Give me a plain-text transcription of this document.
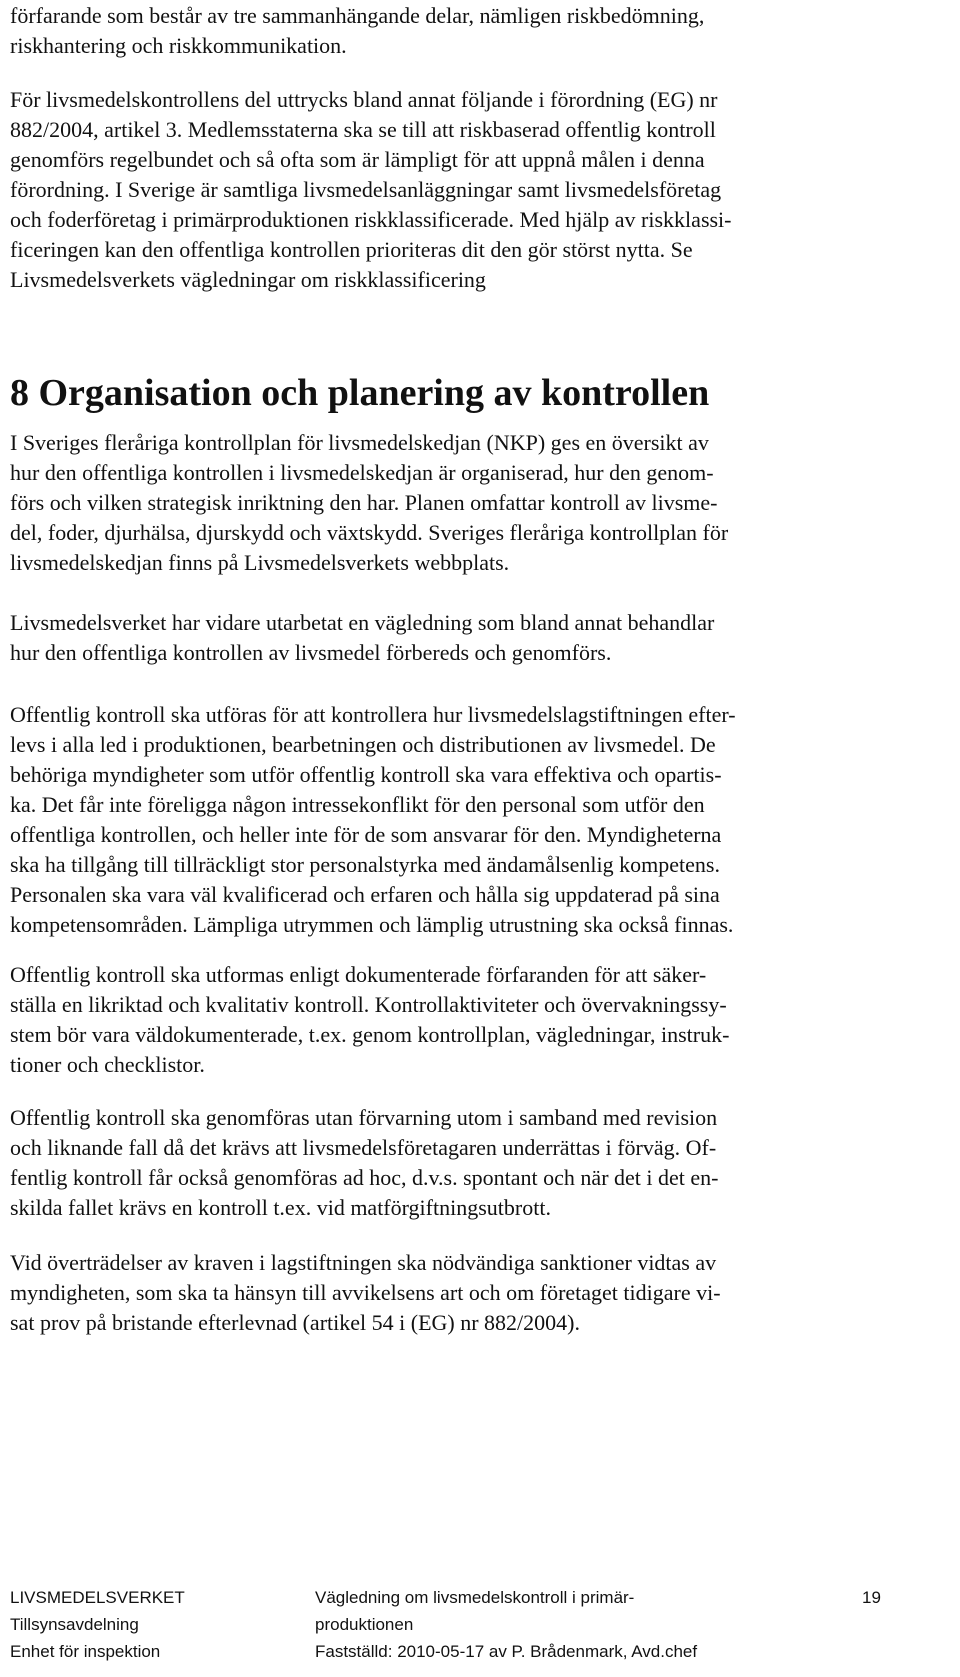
förfarande som består av tre sammanhängande delar, nämligen riskbedömning,
riskhantering och riskkommunikation.
För livsmedelskontrollens del uttrycks bland annat följande i förordning (EG) nr
882/2004, artikel 3. Medlemsstaterna ska se till att riskbaserad offentlig kontroll
genomförs regelbundet och så ofta som är lämpligt för att uppnå målen i denna
förordning. I Sverige är samtliga livsmedelsanläggningar samt livsmedelsföretag
och foderföretag i primärproduktionen riskklassificerade. Med hjälp av riskklassi-
ficeringen kan den offentliga kontrollen prioriteras dit den gör störst nytta. Se
Livsmedelsverkets vägledningar om riskklassificering
8 Organisation och planering av kontrollen
I Sveriges fleråriga kontrollplan för livsmedelskedjan (NKP) ges en översikt av
hur den offentliga kontrollen i livsmedelskedjan är organiserad, hur den genom-
förs och vilken strategisk inriktning den har. Planen omfattar kontroll av livsme-
del, foder, djurhälsa, djurskydd och växtskydd. Sveriges fleråriga kontrollplan för
livsmedelskedjan finns på Livsmedelsverkets webbplats.
Livsmedelsverket har vidare utarbetat en vägledning som bland annat behandlar
hur den offentliga kontrollen av livsmedel förbereds och genomförs.
Offentlig kontroll ska utföras för att kontrollera hur livsmedelslagstiftningen efter-
levs i alla led i produktionen, bearbetningen och distributionen av livsmedel. De
behöriga myndigheter som utför offentlig kontroll ska vara effektiva och opartis-
ka. Det får inte föreligga någon intressekonflikt för den personal som utför den
offentliga kontrollen, och heller inte för de som ansvarar för den. Myndigheterna
ska ha tillgång till tillräckligt stor personalstyrka med ändamålsenlig kompetens.
Personalen ska vara väl kvalificerad och erfaren och hålla sig uppdaterad på sina
kompetensområden. Lämpliga utrymmen och lämplig utrustning ska också finnas.
Offentlig kontroll ska utformas enligt dokumenterade förfaranden för att säker-
ställa en likriktad och kvalitativ kontroll. Kontrollaktiviteter och övervakningssy-
stem bör vara väldokumenterade, t.ex. genom kontrollplan, vägledningar, instruk-
tioner och checklistor.
Offentlig kontroll ska genomföras utan förvarning utom i samband med revision
och liknande fall då det krävs att livsmedelsföretagaren underrättas i förväg. Of-
fentlig kontroll får också genomföras ad hoc, d.v.s. spontant och när det i det en-
skilda fallet krävs en kontroll t.ex. vid matförgiftningsutbrott.
Vid överträdelser av kraven i lagstiftningen ska nödvändiga sanktioner vidtas av
myndigheten, som ska ta hänsyn till avvikelsens art och om företaget tidigare vi-
sat prov på bristande efterlevnad (artikel 54 i (EG) nr 882/2004).
LIVSMEDELSVERKET
Tillsynsavdelning
Enhet för inspektion
Vägledning om livsmedelskontroll i primär-
produktionen
Fastställd: 2010-05-17 av P. Brådenmark, Avd.chef
19
